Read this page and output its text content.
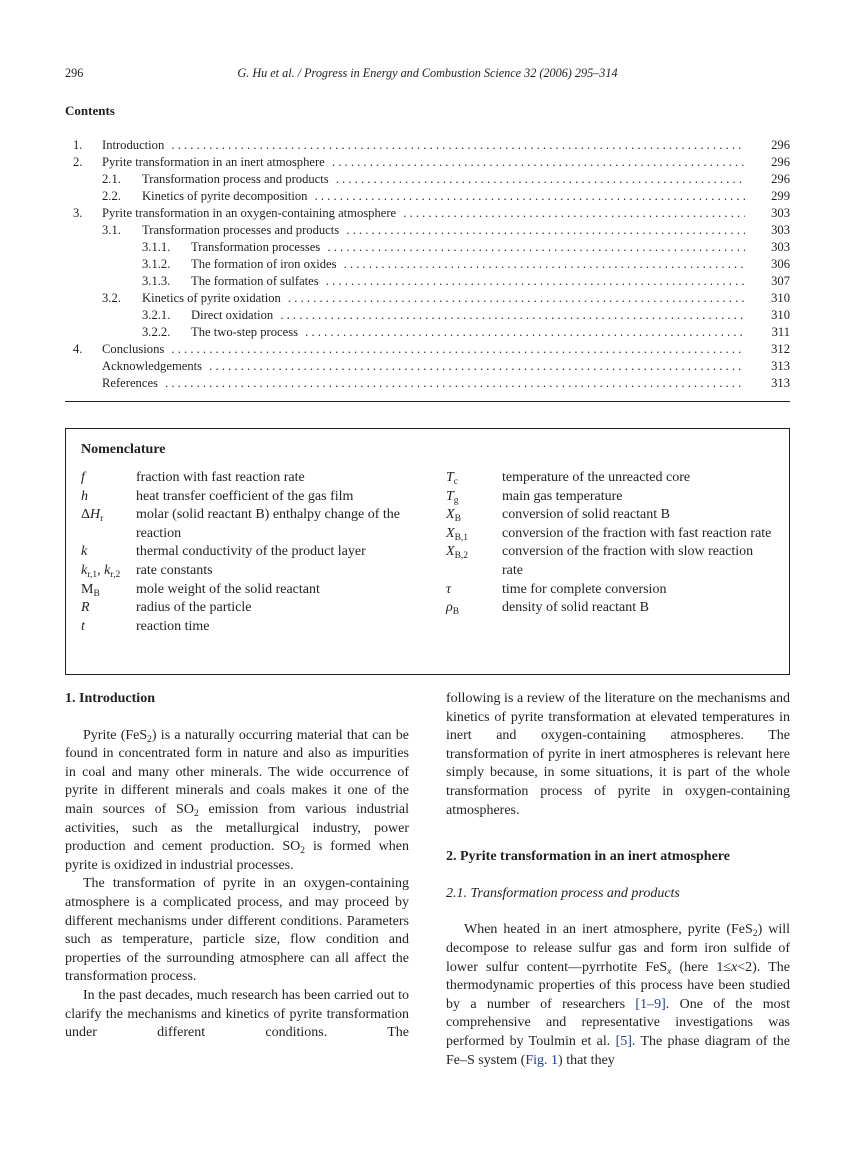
296	G. Hu et al. / Progress in Energy and Combustion Science 32 (2006) 295–314
Contents
1. Introduction . . .	296
2. Pyrite transformation in an inert atmosphere . . .	296
2.1. Transformation process and products . . .	296
2.2. Kinetics of pyrite decomposition . . .	299
3. Pyrite transformation in an oxygen-containing atmosphere . . .	303
3.1. Transformation processes and products . . .	303
3.1.1. Transformation processes . . .	303
3.1.2. The formation of iron oxides . . .	306
3.1.3. The formation of sulfates . . .	307
3.2. Kinetics of pyrite oxidation . . .	310
3.2.1. Direct oxidation . . .	310
3.2.2. The two-step process . . .	311
4. Conclusions . . .	312
Acknowledgements . . .	313
References . . .	313
Nomenclature
f	fraction with fast reaction rate
h	heat transfer coefficient of the gas film
$\Delta H_r$ molar (solid reactant B) enthalpy change of the reaction
k	thermal conductivity of the product layer
$k_{r,1}$, $k_{r,2}$ rate constants
$M_B$	mole weight of the solid reactant
R	radius of the particle
t	reaction time
$T_c$	temperature of the unreacted core
$T_g$	main gas temperature
$X_B$	conversion of solid reactant B
$X_{B,1}$ conversion of the fraction with fast reaction rate
$X_{B,2}$ conversion of the fraction with slow reaction rate
τ	time for complete conversion
$\rho_B$	density of solid reactant B
1. Introduction

Pyrite (FeS$_2$) is a naturally occurring material that can be found in concentrated form in nature and also as impurities in coal and many other minerals. The wide occurrence of pyrite in different minerals and coals makes it one of the main sources of $SO_2$ emission from various industrial activities, such as the metallurgical industry, power production and cement production. $SO_2$ is formed when pyrite is oxidized in industrial processes.

The transformation of pyrite in an oxygen-containing atmosphere is a complicated process, and may proceed by different mechanisms under different conditions. Parameters such as temperature, particle size, flow condition and properties of the surrounding atmosphere can all affect the transformation process.

In the past decades, much research has been carried out to clarify the mechanisms and kinetics of pyrite transformation under different conditions. The

following is a review of the literature on the mechanisms and kinetics of pyrite transformation at elevated temperatures in inert and oxygen-containing atmospheres. The transformation of pyrite in inert atmospheres is relevant here simply because, in some situations, it is part of the whole transformation process of pyrite in oxygen-containing atmospheres.

2. Pyrite transformation in an inert atmosphere
2.1. Transformation process and products

When heated in an inert atmosphere, pyrite (FeS$_2$) will decompose to release sulfur gas and form iron sulfide of lower sulfur content—pyrrhotite FeS$_x$ (here 1≤x<2). The thermodynamic properties of this process have been studied by a number of researchers [1–9]. One of the most comprehensive and representative investigations was performed by Toulmin et al. [5]. The phase diagram of the Fe–S system (Fig. 1) that they
